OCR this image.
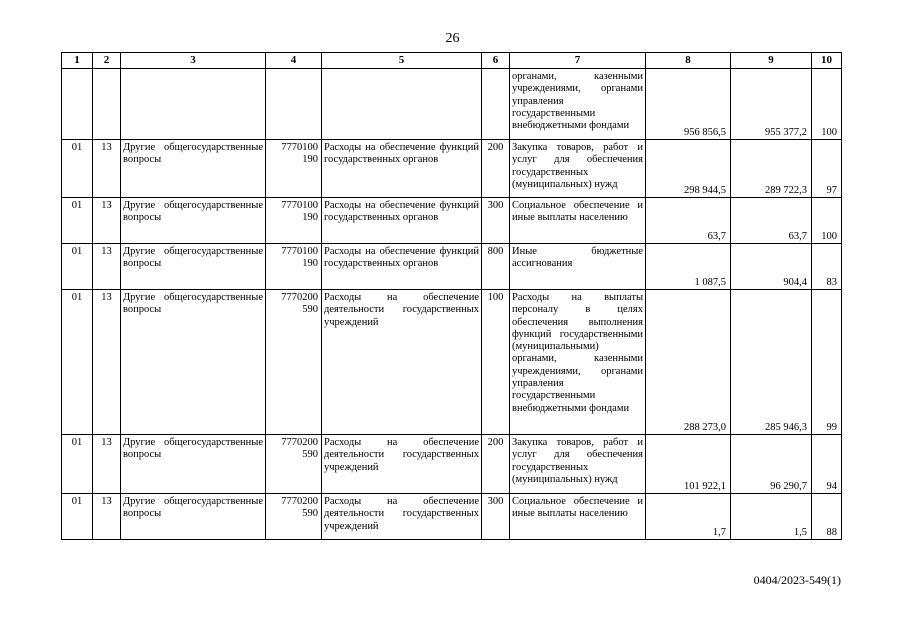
26
1	2	3	4	5	6	7	8	9	10
						органами, казенными учреждениями, органами управления государственными внебюджетными фондами	956 856,5	955 377,2	100
01	13	Другие общегосударственные вопросы	7770100 190	Расходы на обеспечение функций государственных органов	200	Закупка товаров, работ и услуг для обеспечения государственных (муниципальных) нужд	298 944,5	289 722,3	97
01	13	Другие общегосударственные вопросы	7770100 190	Расходы на обеспечение функций государственных органов	300	Социальное обеспечение и иные выплаты населению	63,7	63,7	100
01	13	Другие общегосударственные вопросы	7770100 190	Расходы на обеспечение функций государственных органов	800	Иные бюджетные ассигнования	1 087,5	904,4	83
01	13	Другие общегосударственные вопросы	7770200 590	Расходы на обеспечение деятельности государственных учреждений	100	Расходы на выплаты персоналу в целях обеспечения выполнения функций государственными (муниципальными) органами, казенными учреждениями, органами управления государственными внебюджетными фондами	288 273,0	285 946,3	99
01	13	Другие общегосударственные вопросы	7770200 590	Расходы на обеспечение деятельности государственных учреждений	200	Закупка товаров, работ и услуг для обеспечения государственных (муниципальных) нужд	101 922,1	96 290,7	94
01	13	Другие общегосударственные вопросы	7770200 590	Расходы на обеспечение деятельности государственных учреждений	300	Социальное обеспечение и иные выплаты населению	1,7	1,5	88
0404/2023-549(1)
